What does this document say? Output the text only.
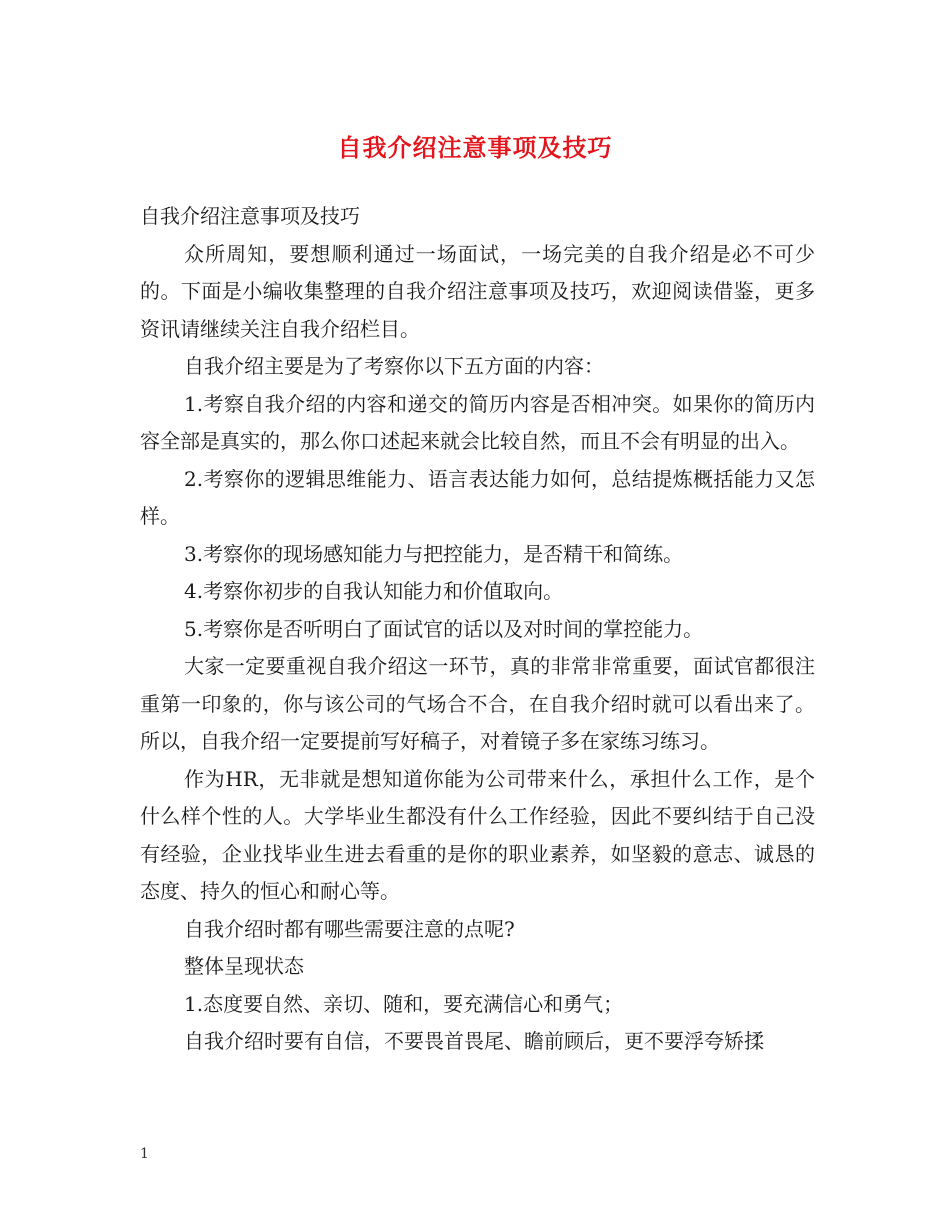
自我介绍注意事项及技巧

自我介绍注意事项及技巧

众所周知，要想顺利通过一场面试，一场完美的自我介绍是必不可少的。下面是小编收集整理的自我介绍注意事项及技巧，欢迎阅读借鉴，更多资讯请继续关注自我介绍栏目。

自我介绍主要是为了考察你以下五方面的内容：

1.考察自我介绍的内容和递交的简历内容是否相冲突。如果你的简历内容全部是真实的，那么你口述起来就会比较自然，而且不会有明显的出入。

2.考察你的逻辑思维能力、语言表达能力如何，总结提炼概括能力又怎样。

3.考察你的现场感知能力与把控能力，是否精干和简练。

4.考察你初步的自我认知能力和价值取向。

5.考察你是否听明白了面试官的话以及对时间的掌控能力。

大家一定要重视自我介绍这一环节，真的非常非常重要，面试官都很注重第一印象的，你与该公司的气场合不合，在自我介绍时就可以看出来了。所以，自我介绍一定要提前写好稿子，对着镜子多在家练习练习。

作为HR，无非就是想知道你能为公司带来什么，承担什么工作，是个什么样个性的人。大学毕业生都没有什么工作经验，因此不要纠结于自己没有经验，企业找毕业生进去看重的是你的职业素养，如坚毅的意志、诚恳的态度、持久的恒心和耐心等。

自我介绍时都有哪些需要注意的点呢?

整体呈现状态

1.态度要自然、亲切、随和，要充满信心和勇气；

自我介绍时要有自信，不要畏首畏尾、瞻前顾后，更不要浮夸矫揉

1
